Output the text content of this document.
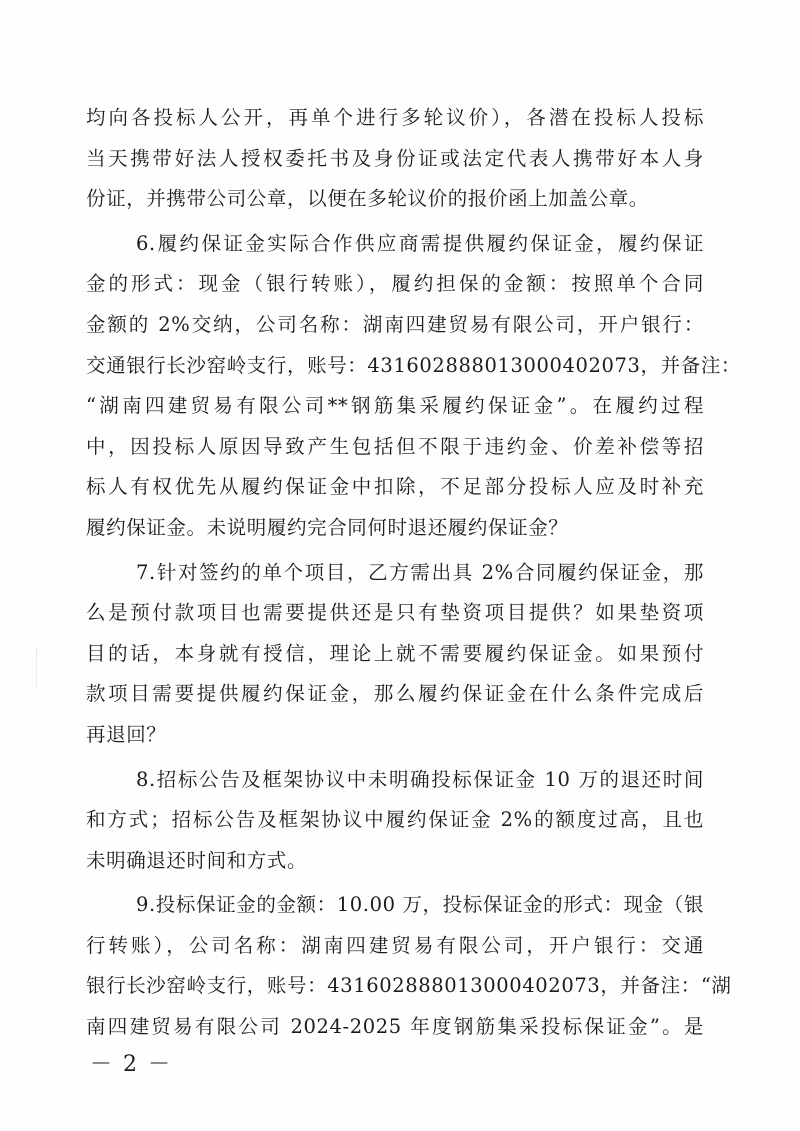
均向各投标人公开，再单个进行多轮议价），各潜在投标人投标
当天携带好法人授权委托书及身份证或法定代表人携带好本人身
份证，并携带公司公章，以便在多轮议价的报价函上加盖公章。
6.履约保证金实际合作供应商需提供履约保证金，履约保证
金的形式：现金（银行转账），履约担保的金额：按照单个合同
金额的 2%交纳，公司名称：湖南四建贸易有限公司，开户银行：
交通银行长沙窑岭支行，账号：431602888013000402073，并备注：
“湖南四建贸易有限公司**钢筋集采履约保证金”。在履约过程
中，因投标人原因导致产生包括但不限于违约金、价差补偿等招
标人有权优先从履约保证金中扣除，不足部分投标人应及时补充
履约保证金。未说明履约完合同何时退还履约保证金？
7.针对签约的单个项目，乙方需出具 2%合同履约保证金，那
么是预付款项目也需要提供还是只有垫资项目提供？如果垫资项
目的话，本身就有授信，理论上就不需要履约保证金。如果预付
款项目需要提供履约保证金，那么履约保证金在什么条件完成后
再退回？
8.招标公告及框架协议中未明确投标保证金 10 万的退还时间
和方式；招标公告及框架协议中履约保证金 2%的额度过高，且也
未明确退还时间和方式。
9.投标保证金的金额：10.00 万，投标保证金的形式：现金（银
行转账），公司名称：湖南四建贸易有限公司，开户银行：交通
银行长沙窑岭支行，账号：431602888013000402073，并备注：“湖
南四建贸易有限公司 2024-2025 年度钢筋集采投标保证金”。是
－ 2 －
